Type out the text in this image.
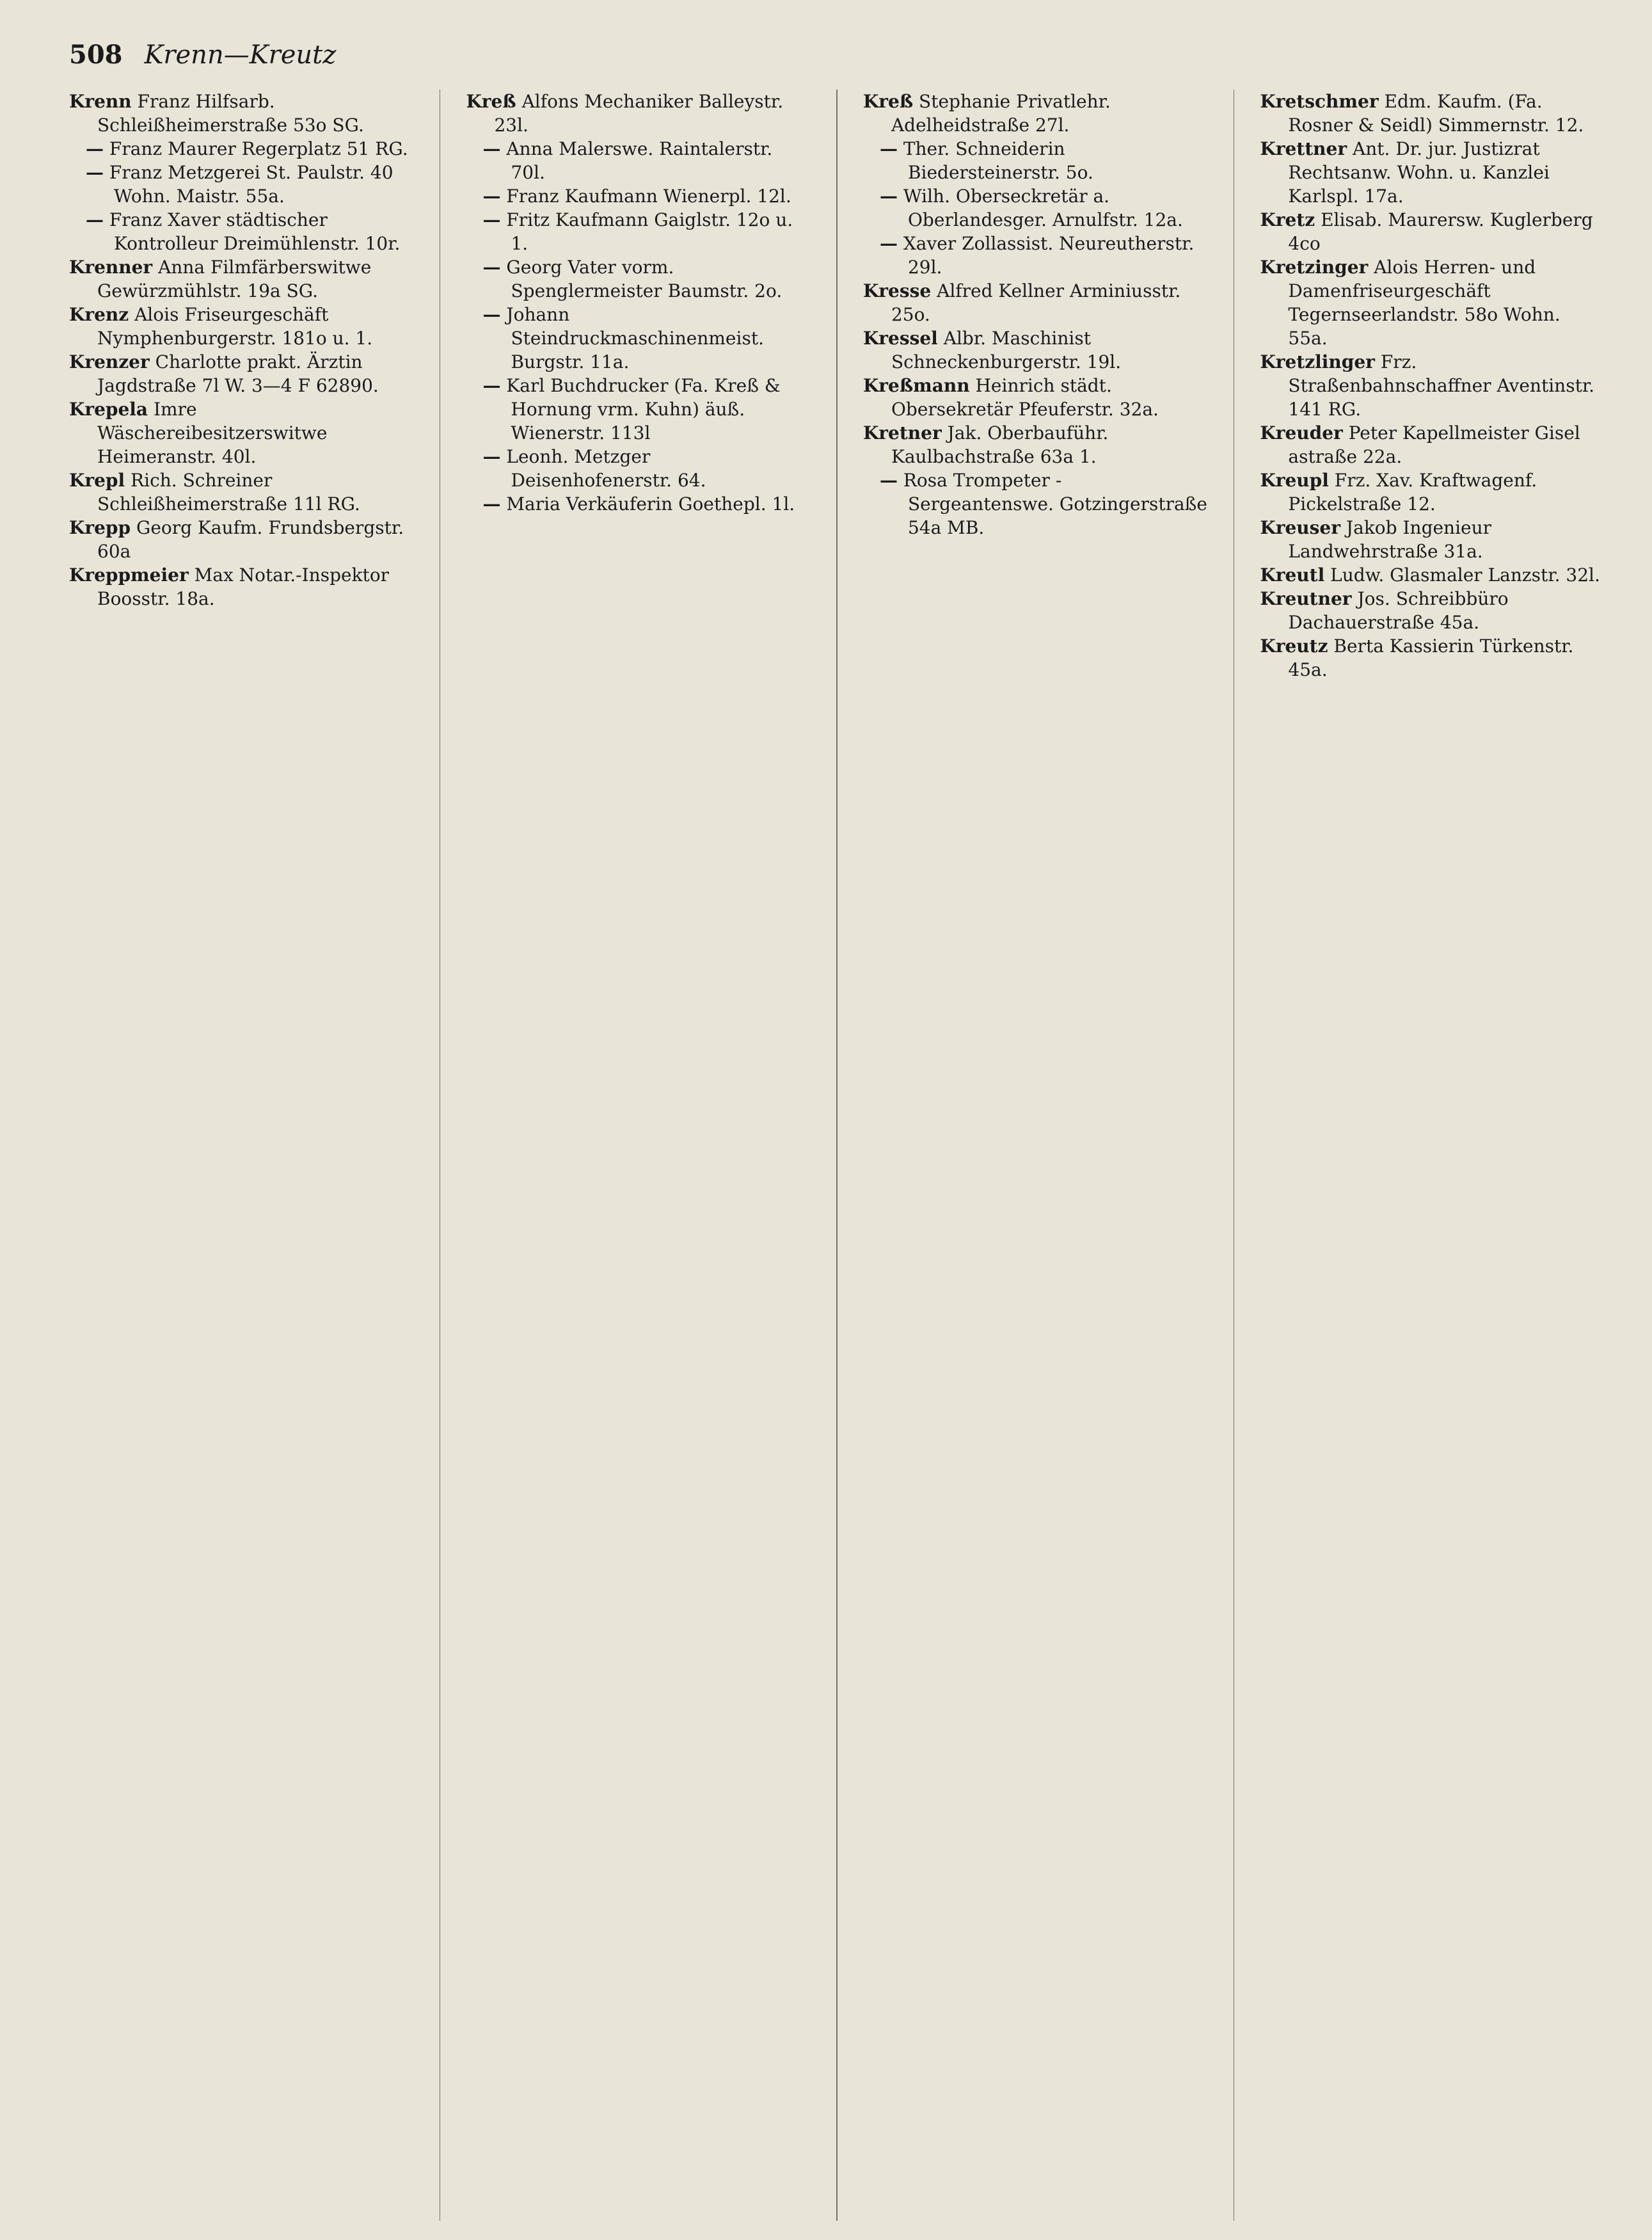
508 Krenn—Kreutz

Krenn Franz Hilfsarb. Schleißheimerstraße 53o SG.

— Franz Maurer Regerplatz 51 RG.

— Franz Metzgerei St. Paulstr. 40 Wohn. Maistr. 55a.

— Franz Xaver städtischer Kontrolleur Dreimühlenstr. 10r.

Krenner Anna Filmfärberswitwe Gewürzmühlstr. 19a SG.

Krenz Alois Friseurgeschäft Nymphenburgerstr. 181o u. 1.

Krenzer Charlotte prakt. Ärztin Jagdstraße 7l W. 3—4 F 62890.

Krepela Imre Wäschereibesitzerswitwe Heimeranstr. 40l.

Krepl Rich. Schreiner Schleißheimerstraße 11l RG.

Krepp Georg Kaufm. Frundsbergstr. 60a

Kreppmeier Max Notar.-Inspektor Boosstr. 18a.

Kreß Alfons Mechaniker Balleystr. 23l.

— Anna Malerswe. Raintalerstr. 70l.

— Franz Kaufmann Wienerpl. 12l.

— Fritz Kaufmann Gaiglstr. 12o u. 1.

— Georg Vater vorm. Spenglermeister Baumstr. 2o.

— Johann Steindruckmaschinenmeist. Burgstr. 11a.

— Karl Buchdrucker (Fa. Kreß & Hornung vrm. Kuhn) äuß. Wienerstr. 113l

— Leonh. Metzger Deisenhofenerstr. 64.

— Maria Verkäuferin Goethepl. 1l.

Kreß Stephanie Privatlehr. Adelheidstraße 27l.

— Ther. Schneiderin Biedersteinerstr. 5o.

— Wilh. Oberseckretär a. Oberlandesger. Arnulfstr. 12a.

— Xaver Zollassist. Neureutherstr. 29l.

Kresse Alfred Kellner Arminiusstr. 25o.

Kressel Albr. Maschinist Schneckenburgerstr. 19l.

Kreßmann Heinrich städt. Obersekretär Pfeuferstr. 32a.

Kretner Jak. Oberbauführ. Kaulbachstraße 63a 1.

— Rosa Trompeter - Sergeantenswe. Gotzingerstraße 54a MB.

Kretschmer Edm. Kaufm. (Fa. Rosner & Seidl) Simmernstr. 12.

Krettner Ant. Dr. jur. Justizrat Rechtsanw. Wohn. u. Kanzlei Karlspl. 17a.

Kretz Elisab. Maurersw. Kuglerberg 4co

Kretzinger Alois Herren- und Damenfriseurgeschäft Tegernseerlandstr. 58o Wohn. 55a.

Kretzlinger Frz. Straßenbahnschaffner Aventinstr. 141 RG.

Kreuder Peter Kapellmeister Gisel astraße 22a.

Kreupl Frz. Xav. Kraftwagenf. Pickelstraße 12.

Kreuser Jakob Ingenieur Landwehrstraße 31a.

Kreutl Ludw. Glasmaler Lanzstr. 32l.

Kreutner Jos. Schreibbüro Dachauerstraße 45a.

Kreutz Berta Kassierin Türkenstr. 45a.
